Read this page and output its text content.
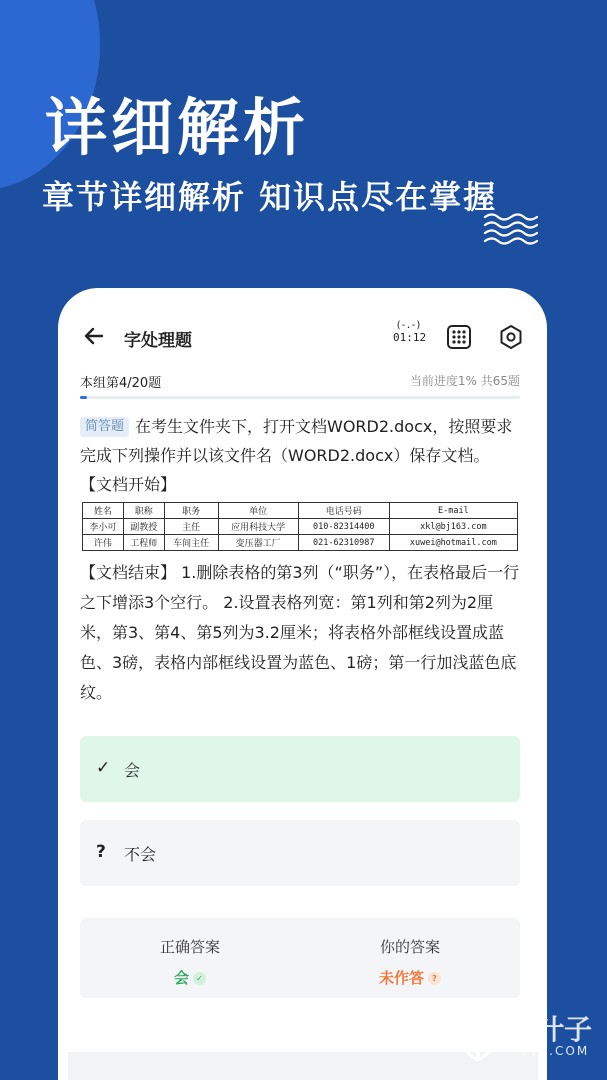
详细解析
章节详细解析 知识点尽在掌握
字处理题
(-.-)
01:12
本组第4/20题	当前进度1% 共65题
简答题 在考生文件夹下，打开文档WORD2.docx，按照要求完成下列操作并以该文件名（WORD2.docx）保存文档。　　【文档开始】
姓名	职称	职务	单位	电话号码	E-mail
李小可	副教授	主任	应用科技大学	010-82314400	xkl@bj163.com
许伟	工程师	车间主任	变压器工厂	021-62310987	xuwei@hotmail.com
【文档结束】 1.删除表格的第3列（“职务”），在表格最后一行之下增添3个空行。 2.设置表格列宽：第1列和第2列为2厘米，第3、第4、第5列为3.2厘米；将表格外部框线设置成蓝色、3磅，表格内部框线设置为蓝色、1磅；第一行加浅蓝色底纹。
✓ 会
? 不会
正确答案
会 ✓
你的答案
未作答 ?
七叶子
7YZ.COM
